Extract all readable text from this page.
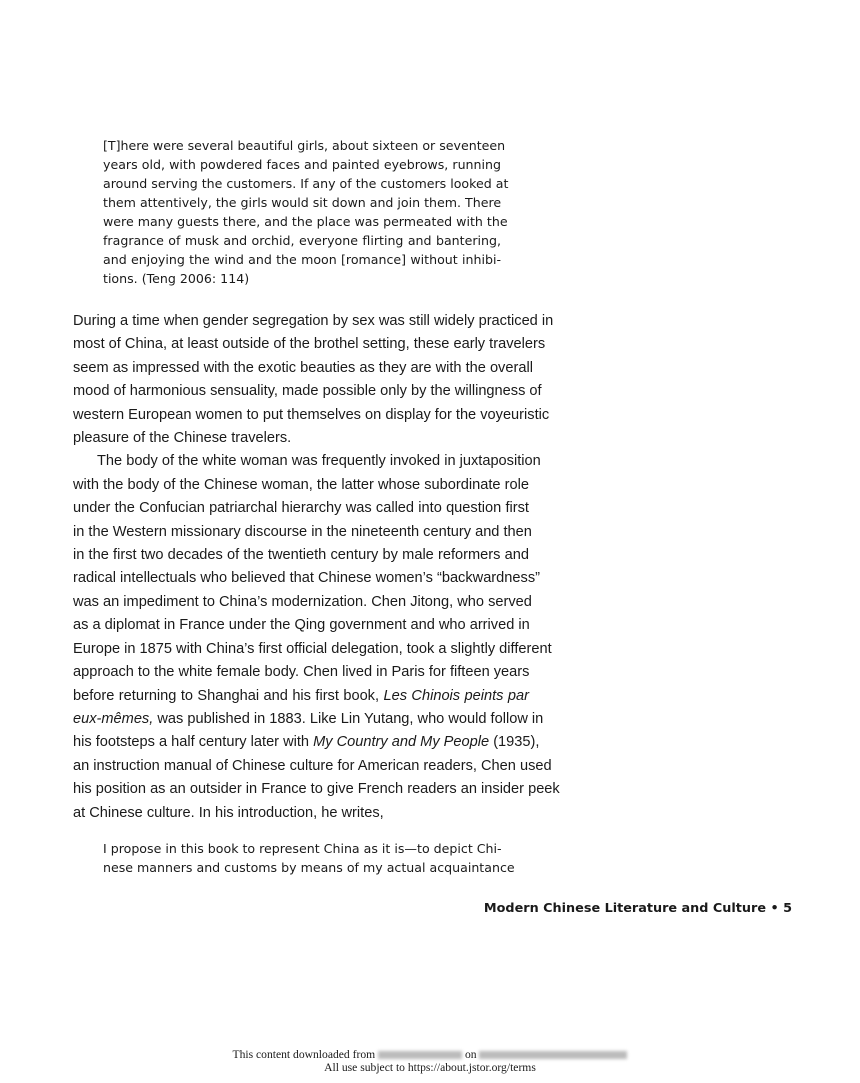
[T]here were several beautiful girls, about sixteen or seventeen
years old, with powdered faces and painted eyebrows, running
around serving the customers. If any of the customers looked at
them attentively, the girls would sit down and join them. There
were many guests there, and the place was permeated with the
fragrance of musk and orchid, everyone flirting and bantering,
and enjoying the wind and the moon [romance] without inhibi-
tions. (Teng 2006: 114)
During a time when gender segregation by sex was still widely practiced in
most of China, at least outside of the brothel setting, these early travelers
seem as impressed with the exotic beauties as they are with the overall
mood of harmonious sensuality, made possible only by the willingness of
western European women to put themselves on display for the voyeuristic
pleasure of the Chinese travelers.
The body of the white woman was frequently invoked in juxtaposition
with the body of the Chinese woman, the latter whose subordinate role
under the Confucian patriarchal hierarchy was called into question first
in the Western missionary discourse in the nineteenth century and then
in the first two decades of the twentieth century by male reformers and
radical intellectuals who believed that Chinese women’s “backwardness”
was an impediment to China’s modernization. Chen Jitong, who served
as a diplomat in France under the Qing government and who arrived in
Europe in 1875 with China’s first official delegation, took a slightly different
approach to the white female body. Chen lived in Paris for fifteen years
before returning to Shanghai and his first book, Les Chinois peints par
eux-mêmes, was published in 1883. Like Lin Yutang, who would follow in
his footsteps a half century later with My Country and My People (1935),
an instruction manual of Chinese culture for American readers, Chen used
his position as an outsider in France to give French readers an insider peek
at Chinese culture. In his introduction, he writes,
I propose in this book to represent China as it is—to depict Chi-
nese manners and customs by means of my actual acquaintance
Modern Chinese Literature and Culture • 5
This content downloaded from	on
All use subject to https://about.jstor.org/terms
